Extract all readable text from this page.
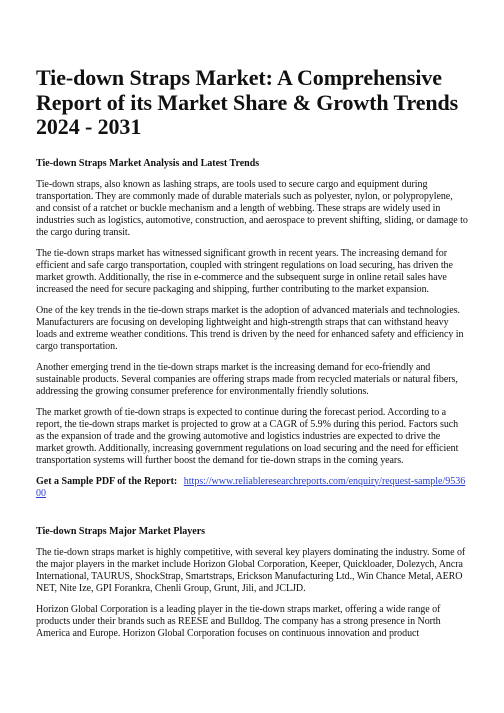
Tie-down Straps Market: A Comprehensive Report of its Market Share & Growth Trends 2024 - 2031
Tie-down Straps Market Analysis and Latest Trends

Tie-down straps, also known as lashing straps, are tools used to secure cargo and equipment during transportation. They are commonly made of durable materials such as polyester, nylon, or polypropylene, and consist of a ratchet or buckle mechanism and a length of webbing. These straps are widely used in industries such as logistics, automotive, construction, and aerospace to prevent shifting, sliding, or damage to the cargo during transit.

The tie-down straps market has witnessed significant growth in recent years. The increasing demand for efficient and safe cargo transportation, coupled with stringent regulations on load securing, has driven the market growth. Additionally, the rise in e-commerce and the subsequent surge in online retail sales have increased the need for secure packaging and shipping, further contributing to the market expansion.

One of the key trends in the tie-down straps market is the adoption of advanced materials and technologies. Manufacturers are focusing on developing lightweight and high-strength straps that can withstand heavy loads and extreme weather conditions. This trend is driven by the need for enhanced safety and efficiency in cargo transportation.

Another emerging trend in the tie-down straps market is the increasing demand for eco-friendly and sustainable products. Several companies are offering straps made from recycled materials or natural fibers, addressing the growing consumer preference for environmentally friendly solutions.

The market growth of tie-down straps is expected to continue during the forecast period. According to a report, the tie-down straps market is projected to grow at a CAGR of 5.9% during this period. Factors such as the expansion of trade and the growing automotive and logistics industries are expected to drive the market growth. Additionally, increasing government regulations on load securing and the need for efficient transportation systems will further boost the demand for tie-down straps in the coming years.

Get a Sample PDF of the Report: https://www.reliableresearchreports.com/enquiry/request-sample/953600
Tie-down Straps Major Market Players

The tie-down straps market is highly competitive, with several key players dominating the industry. Some of the major players in the market include Horizon Global Corporation, Keeper, Quickloader, Dolezych, Ancra International, TAURUS, ShockStrap, Smartstraps, Erickson Manufacturing Ltd., Win Chance Metal, AERO NET, Nite Ize, GPI Forankra, Chenli Group, Grunt, Jili, and JCLJD.

Horizon Global Corporation is a leading player in the tie-down straps market, offering a wide range of products under their brands such as REESE and Bulldog. The company has a strong presence in North America and Europe. Horizon Global Corporation focuses on continuous innovation and product
